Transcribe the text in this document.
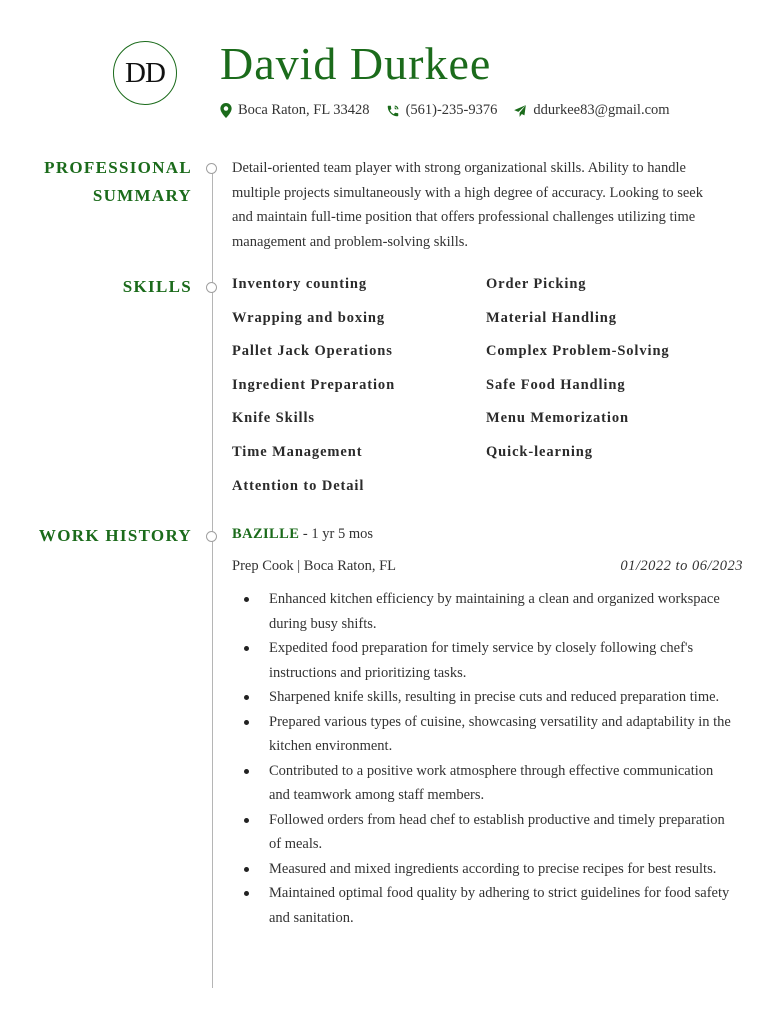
DD David Durkee
Boca Raton, FL 33428 (561)-235-9376 ddurkee83@gmail.com
PROFESSIONAL
SUMMARY
SKILLS
WORK HISTORY
Detail-oriented team player with strong organizational skills. Ability to handle multiple projects simultaneously with a high degree of accuracy. Looking to seek and maintain full-time position that offers professional challenges utilizing time management and problem-solving skills.
Inventory counting	Order Picking
Wrapping and boxing	Material Handling
Pallet Jack Operations	Complex Problem-Solving
Ingredient Preparation	Safe Food Handling
Knife Skills	Menu Memorization
Time Management	Quick-learning
Attention to Detail
BAZILLE - 1 yr 5 mos
Prep Cook | Boca Raton, FL	01/2022 to 06/2023
Enhanced kitchen efficiency by maintaining a clean and organized workspace during busy shifts.
Expedited food preparation for timely service by closely following chef's instructions and prioritizing tasks.
Sharpened knife skills, resulting in precise cuts and reduced preparation time.
Prepared various types of cuisine, showcasing versatility and adaptability in the kitchen environment.
Contributed to a positive work atmosphere through effective communication and teamwork among staff members.
Followed orders from head chef to establish productive and timely preparation of meals.
Measured and mixed ingredients according to precise recipes for best results.
Maintained optimal food quality by adhering to strict guidelines for food safety and sanitation.
